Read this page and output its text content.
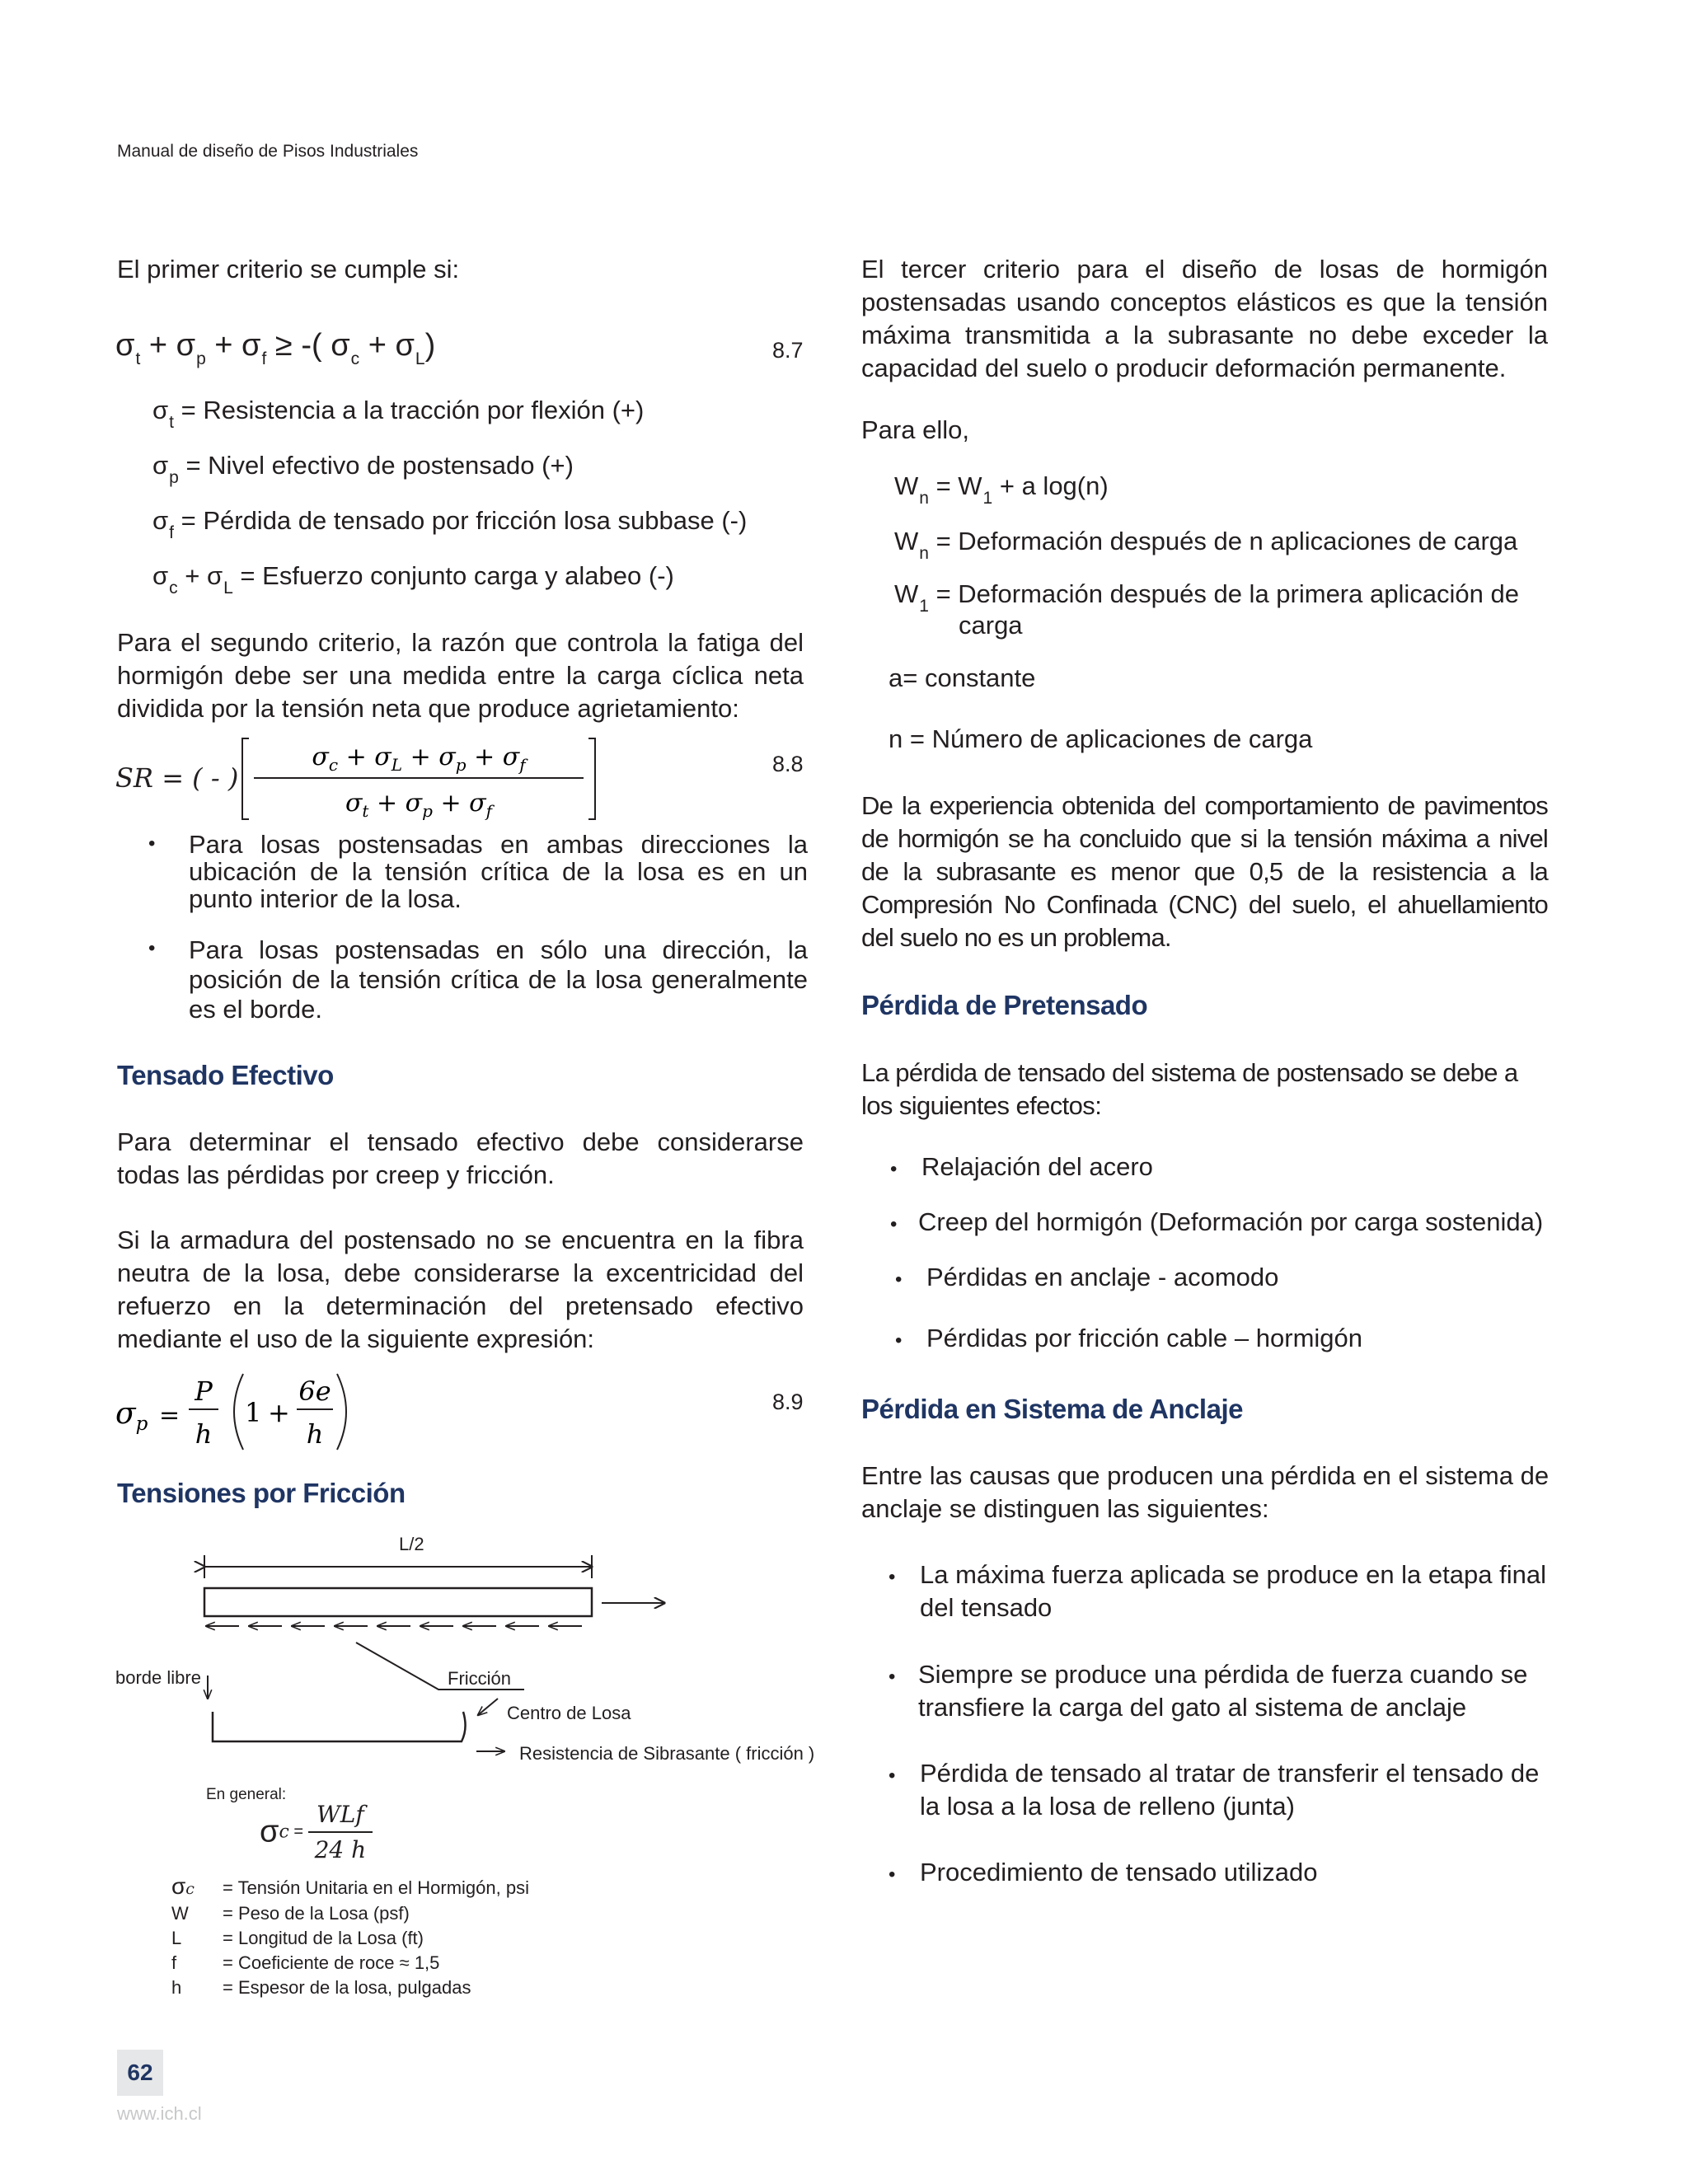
Manual de diseño de Pisos Industriales
El primer criterio se cumple si:
$\sigma_t + \sigma_p + \sigma_f$ ≥ -( $\sigma_c + \sigma_L$)	8.7
$\sigma_t$ = Resistencia a la tracción por flexión (+)
$\sigma_p$ = Nivel efectivo de postensado (+)
$\sigma_f$ = Pérdida de tensado por fricción losa subbase (-)
$\sigma_c + \sigma_L$ = Esfuerzo conjunto carga y alabeo (-)
Para el segundo criterio, la razón que controla la fatiga del hormigón debe ser una medida entre la carga cíclica neta dividida por la tensión neta que produce agrietamiento:
SR = ( - )
$\sigma_c + \sigma_L + \sigma_p + \sigma_f$
$\sigma_t + \sigma_p + \sigma_f$
8.8
• Para losas postensadas en ambas direcciones la ubicación de la tensión crítica de la losa es en un punto interior de la losa.
• Para losas postensadas en sólo una dirección, la posición de la tensión crítica de la losa generalmente es el borde.
Tensado Efectivo
Para determinar el tensado efectivo debe considerarse todas las pérdidas por creep y fricción.
Si la armadura del postensado no se encuentra en la fibra neutra de la losa, debe considerarse la excentricidad del refuerzo en la determinación del pretensado efectivo mediante el uso de la siguiente expresión:
$\sigma_p$ =
P
h
1 +
6e
h
8.9
Tensiones por Fricción
L/2
borde libre	Fricción
Centro de Losa
Resistencia de Sibrasante ( fricción )
En general:
$\sigma c = \frac{\text{WLf}}{24 h}$
σc = Tensión Unitaria en el Hormigón, psi
W = Peso de la Losa (psf)
L = Longitud de la Losa (ft)
f	= Coeficiente de roce ≈ 1,5
h = Espesor de la losa, pulgadas
62
www.ich.cl
El tercer criterio para el diseño de losas de hormigón postensadas usando conceptos elásticos es que la tensión máxima transmitida a la subrasante no debe exceder la capacidad del suelo o producir deformación permanente.
Para ello,
$W_n = W_1 + a$ log(n)
$W_n$ = Deformación después de n aplicaciones de carga
$W_1$ = Deformación después de la primera aplicación de
carga
a= constante
n = Número de aplicaciones de carga
De la experiencia obtenida del comportamiento de pavimentos de hormigón se ha concluido que si la tensión máxima a nivel de la subrasante es menor que 0,5 de la resistencia a la Compresión No Confinada (CNC) del suelo, el ahuellamiento del suelo no es un problema.
Pérdida de Pretensado
La pérdida de tensado del sistema de postensado se debe a los siguientes efectos:
• Relajación del acero
• Creep del hormigón (Deformación por carga sostenida)
• Pérdidas en anclaje - acomodo
• Pérdidas por fricción cable – hormigón
Pérdida en Sistema de Anclaje
Entre las causas que producen una pérdida en el sistema de anclaje se distinguen las siguientes:
• La máxima fuerza aplicada se produce en la etapa final del tensado
• Siempre se produce una pérdida de fuerza cuando se transfiere la carga del gato al sistema de anclaje
• Pérdida de tensado al tratar de transferir el tensado de la losa a la losa de relleno (junta)
• Procedimiento de tensado utilizado
